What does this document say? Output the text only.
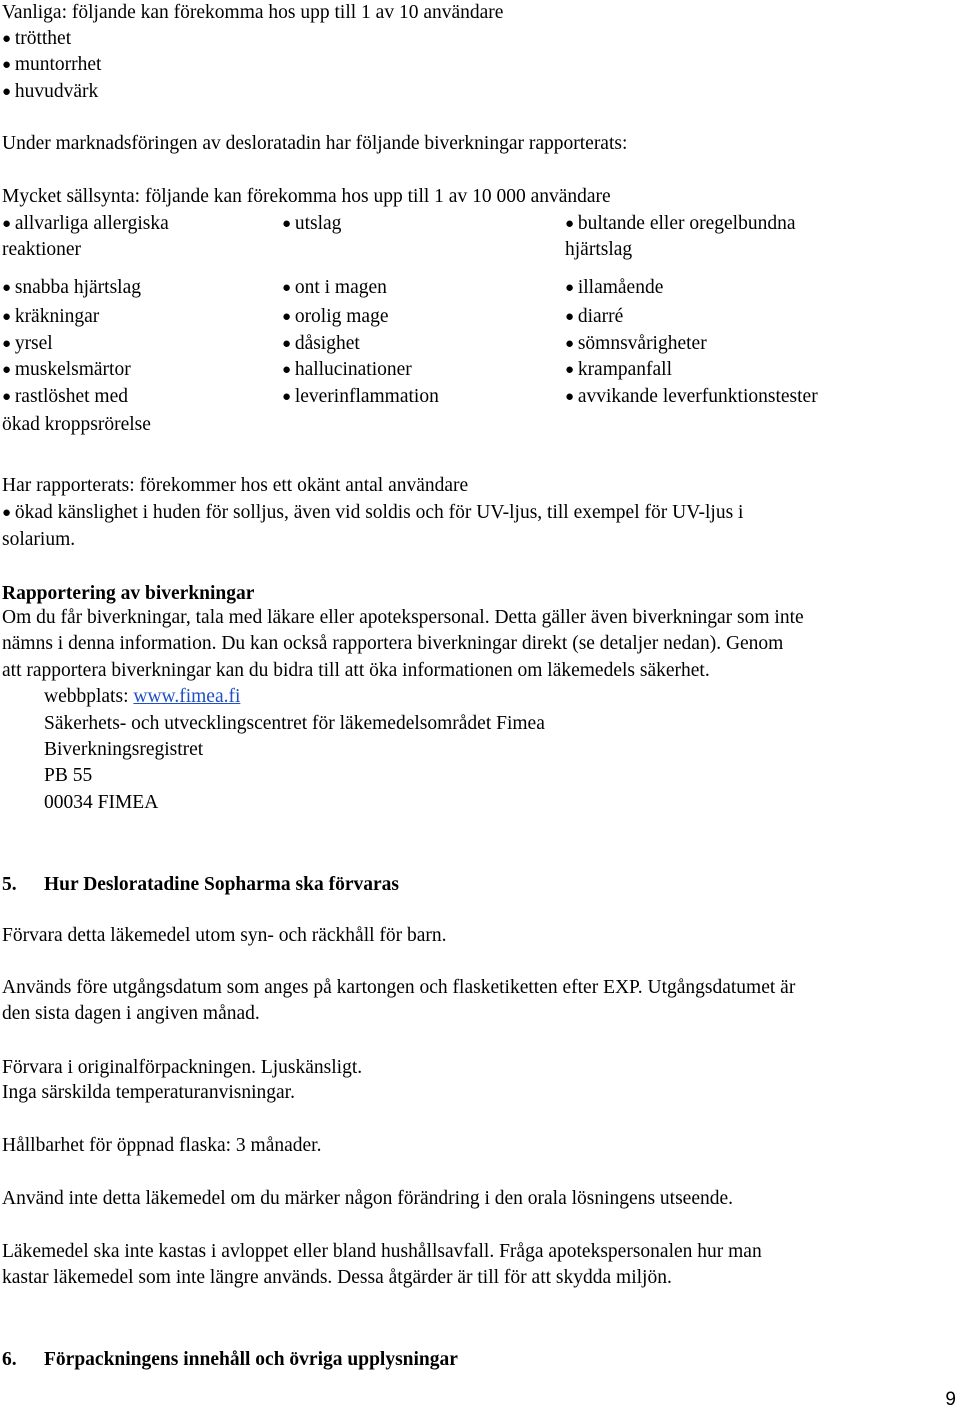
Vanliga: följande kan förekomma hos upp till 1 av 10 användare
● trötthet
● muntorrhet
● huvudvärk
Under marknadsföringen av desloratadin har följande biverkningar rapporterats:
Mycket sällsynta: följande kan förekomma hos upp till 1 av 10 000 användare
● allvarliga allergiska	● utslag	● bultande eller oregelbundna
reaktioner	hjärtslag
● snabba hjärtslag	● ont i magen	● illamående
● kräkningar	● orolig mage	● diarré
● yrsel	● dåsighet	● sömnsvårigheter
● muskelsmärtor	● hallucinationer	● krampanfall
● rastlöshet med	● leverinflammation	● avvikande leverfunktionstester
ökad kroppsrörelse
Har rapporterats: förekommer hos ett okänt antal användare
● ökad känslighet i huden för solljus, även vid soldis och för UV-ljus, till exempel för UV-ljus i
solarium.
Rapportering av biverkningar
Om du får biverkningar, tala med läkare eller apotekspersonal. Detta gäller även biverkningar som inte
nämns i denna information. Du kan också rapportera biverkningar direkt (se detaljer nedan). Genom
att rapportera biverkningar kan du bidra till att öka informationen om läkemedels säkerhet.
webbplats: www.fimea.fi
Säkerhets- och utvecklingscentret för läkemedelsområdet Fimea
Biverkningsregistret
PB 55
00034 FIMEA
5. Hur Desloratadine Sopharma ska förvaras
Förvara detta läkemedel utom syn- och räckhåll för barn.
Används före utgångsdatum som anges på kartongen och flasketiketten efter EXP. Utgångsdatumet är
den sista dagen i angiven månad.
Förvara i originalförpackningen. Ljuskänsligt.
Inga särskilda temperaturanvisningar.
Hållbarhet för öppnad flaska: 3 månader.
Använd inte detta läkemedel om du märker någon förändring i den orala lösningens utseende.
Läkemedel ska inte kastas i avloppet eller bland hushållsavfall. Fråga apotekspersonalen hur man
kastar läkemedel som inte längre används. Dessa åtgärder är till för att skydda miljön.
6. Förpackningens innehåll och övriga upplysningar
9
